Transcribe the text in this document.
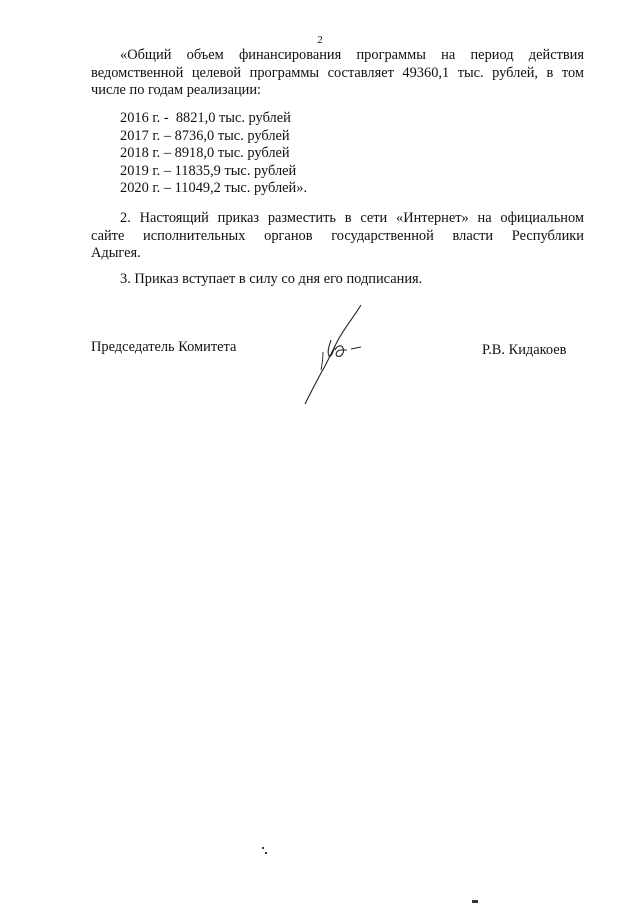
2
«Общий объем финансирования программы на период действия
ведомственной целевой программы составляет 49360,1 тыс. рублей, в том
числе по годам реализации:
2016 г. -  8821,0 тыс. рублей
2017 г. – 8736,0 тыс. рублей
2018 г. – 8918,0 тыс. рублей
2019 г. – 11835,9 тыс. рублей
2020 г. – 11049,2 тыс. рублей».
2. Настоящий приказ разместить в сети «Интернет» на официальном
сайте исполнительных органов государственной власти Республики
Адыгея.
3. Приказ вступает в силу со дня его подписания.
Председатель Комитета	Р.В. Кидакоев
